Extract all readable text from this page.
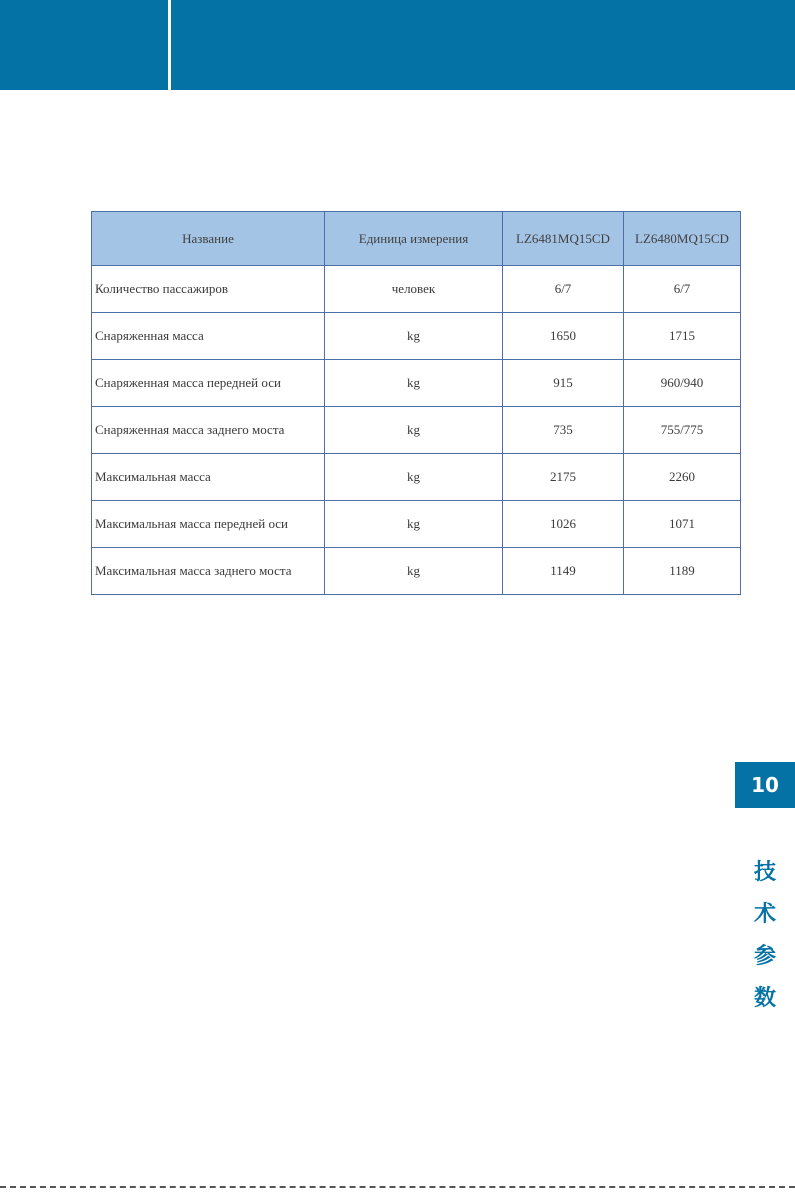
Название	Единица измерения	LZ6481MQ15CD	LZ6480MQ15CD
Количество пассажиров	человек	6/7	6/7
Снаряженная масса	kg	1650	1715
Снаряженная масса передней оси	kg	915	960/940
Снаряженная масса заднего моста	kg	735	755/775
Максимальная масса	kg	2175	2260
Максимальная масса передней оси	kg	1026	1071
Максимальная масса заднего моста	kg	1149	1189
10
技
术
参
数
